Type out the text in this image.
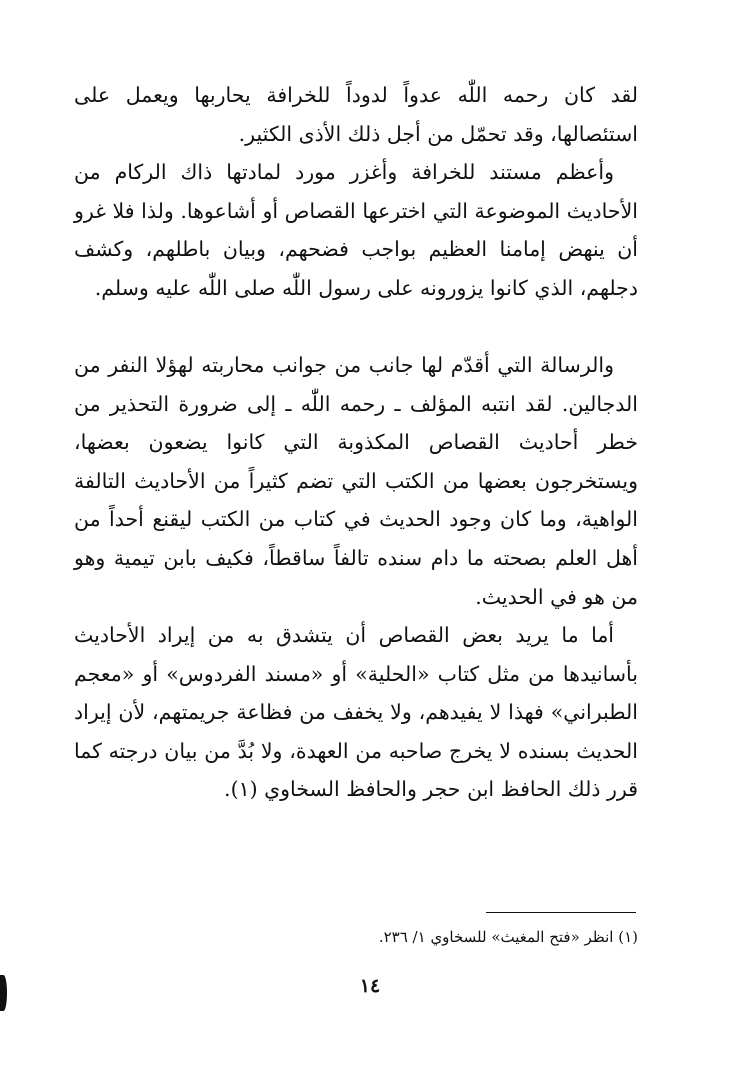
لقد كان رحمه اللّٰه عدواً لدوداً للخرافة يحاربها ويعمل على استئصالها، وقد تحمّل من أجل ذلك الأذى الكثير.

وأعظم مستند للخرافة وأغزر مورد لمادتها ذاك الركام من الأحاديث الموضوعة التي اخترعها القصاص أو أشاعوها. ولذا فلا غرو أن ينهض إمامنا العظيم بواجب فضحهم، وبيان باطلهم، وكشف دجلهم، الذي كانوا يزورونه على رسول اللّٰه صلى اللّٰه عليه وسلم.

والرسالة التي أقدّم لها جانب من جوانب محاربته لهؤلا النفر من الدجالين. لقد انتبه المؤلف ـ رحمه اللّٰه ـ إلى ضرورة التحذير من خطر أحاديث القصاص المكذوبة التي كانوا يضعون بعضها، ويستخرجون بعضها من الكتب التي تضم كثيراً من الأحاديث التالفة الواهية، وما كان وجود الحديث في كتاب من الكتب ليقنع أحداً من أهل العلم بصحته ما دام سنده تالفاً ساقطاً، فكيف بابن تيمية وهو من هو في الحديث.

أما ما يريد بعض القصاص أن يتشدق به من إيراد الأحاديث بأسانيدها من مثل كتاب «الحلية» أو «مسند الفردوس» أو «معجم الطبراني» فهذا لا يفيدهم، ولا يخفف من فظاعة جريمتهم، لأن إيراد الحديث بسنده لا يخرج صاحبه من العهدة، ولا بُدَّ من بيان درجته كما قرر ذلك الحافظ ابن حجر والحافظ السخاوي (١).

(١) انظر «فتح المغيث» للسخاوي ١/ ٢٣٦.

١٤
